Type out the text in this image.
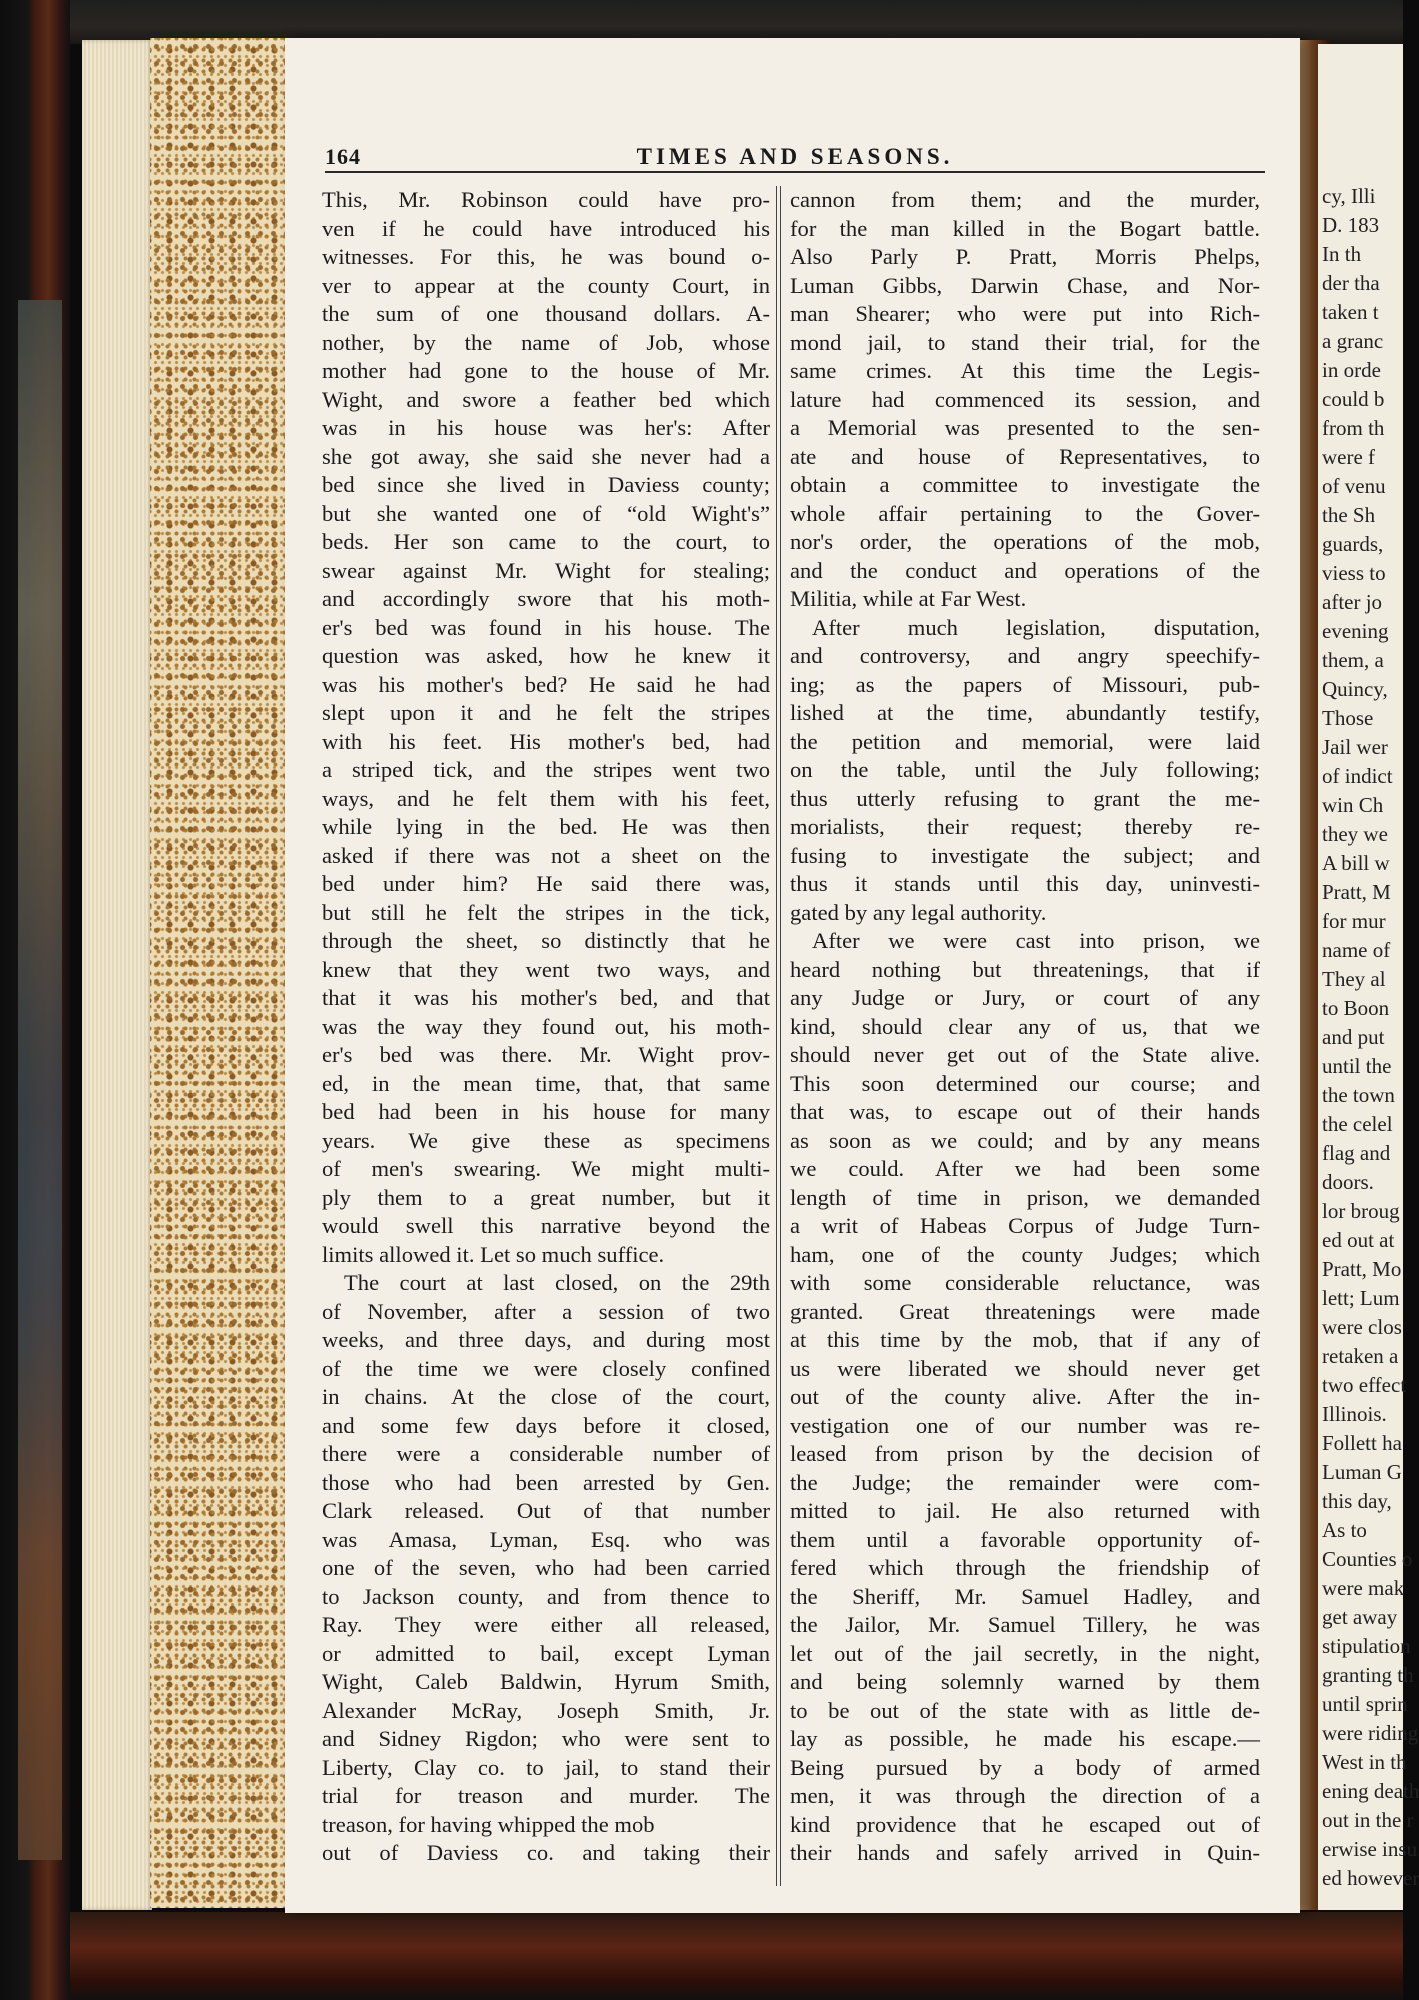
cy, Illi
D. 183
In th
der tha
taken t
a granc
in orde
could b
from th
were f
of venu
the Sh
guards,
viess to
after jo
evening
them, a
Quincy,
Those
Jail wer
of indict
win Ch
they we
A bill w
Pratt, M
for mur
name of
They al
to Boon
and put
until the
the town
the celel
flag and
doors.
lor broug
ed out at
Pratt, Mo
lett; Lum
were clos
retaken a
two effect
Illinois.
Follett ha
Luman G
this day,
As to
Counties o
were mak
get away
stipulation
granting th
until sprin
were riding
West in th
ening death
out in the r
erwise insu
ed however
TIMES AND SEASONS.
164
This, Mr. Robinson could have pro-
ven if he could have introduced his
witnesses. For this, he was bound o-
ver to appear at the county Court, in
the sum of one thousand dollars. A-
nother, by the name of Job, whose
mother had gone to the house of Mr.
Wight, and swore a feather bed which
was in his house was her's: After
she got away, she said she never had a
bed since she lived in Daviess county;
but she wanted one of “old Wight's”
beds. Her son came to the court, to
swear against Mr. Wight for stealing;
and accordingly swore that his moth-
er's bed was found in his house. The
question was asked, how he knew it
was his mother's bed? He said he had
slept upon it and he felt the stripes
with his feet. His mother's bed, had
a striped tick, and the stripes went two
ways, and he felt them with his feet,
while lying in the bed. He was then
asked if there was not a sheet on the
bed under him? He said there was,
but still he felt the stripes in the tick,
through the sheet, so distinctly that he
knew that they went two ways, and
that it was his mother's bed, and that
was the way they found out, his moth-
er's bed was there. Mr. Wight prov-
ed, in the mean time, that, that same
bed had been in his house for many
years. We give these as specimens
of men's swearing. We might multi-
ply them to a great number, but it
would swell this narrative beyond the
limits allowed it. Let so much suffice.
The court at last closed, on the 29th
of November, after a session of two
weeks, and three days, and during most
of the time we were closely confined
in chains. At the close of the court,
and some few days before it closed,
there were a considerable number of
those who had been arrested by Gen.
Clark released. Out of that number
was Amasa, Lyman, Esq. who was
one of the seven, who had been carried
to Jackson county, and from thence to
Ray. They were either all released,
or admitted to bail, except Lyman
Wight, Caleb Baldwin, Hyrum Smith,
Alexander McRay, Joseph Smith, Jr.
and Sidney Rigdon; who were sent to
Liberty, Clay co. to jail, to stand their
trial for treason and murder. The
treason, for having whipped the mob
out of Daviess co. and taking their
cannon from them; and the murder,
for the man killed in the Bogart battle.
Also Parly P. Pratt, Morris Phelps,
Luman Gibbs, Darwin Chase, and Nor-
man Shearer; who were put into Rich-
mond jail, to stand their trial, for the
same crimes. At this time the Legis-
lature had commenced its session, and
a Memorial was presented to the sen-
ate and house of Representatives, to
obtain a committee to investigate the
whole affair pertaining to the Gover-
nor's order, the operations of the mob,
and the conduct and operations of the
Militia, while at Far West.
After much legislation, disputation,
and controversy, and angry speechify-
ing; as the papers of Missouri, pub-
lished at the time, abundantly testify,
the petition and memorial, were laid
on the table, until the July following;
thus utterly refusing to grant the me-
morialists, their request; thereby re-
fusing to investigate the subject; and
thus it stands until this day, uninvesti-
gated by any legal authority.
After we were cast into prison, we
heard nothing but threatenings, that if
any Judge or Jury, or court of any
kind, should clear any of us, that we
should never get out of the State alive.
This soon determined our course; and
that was, to escape out of their hands
as soon as we could; and by any means
we could. After we had been some
length of time in prison, we demanded
a writ of Habeas Corpus of Judge Turn-
ham, one of the county Judges; which
with some considerable reluctance, was
granted. Great threatenings were made
at this time by the mob, that if any of
us were liberated we should never get
out of the county alive. After the in-
vestigation one of our number was re-
leased from prison by the decision of
the Judge; the remainder were com-
mitted to jail. He also returned with
them until a favorable opportunity of-
fered which through the friendship of
the Sheriff, Mr. Samuel Hadley, and
the Jailor, Mr. Samuel Tillery, he was
let out of the jail secretly, in the night,
and being solemnly warned by them
to be out of the state with as little de-
lay as possible, he made his escape.—
Being pursued by a body of armed
men, it was through the direction of a
kind providence that he escaped out of
their hands and safely arrived in Quin-
